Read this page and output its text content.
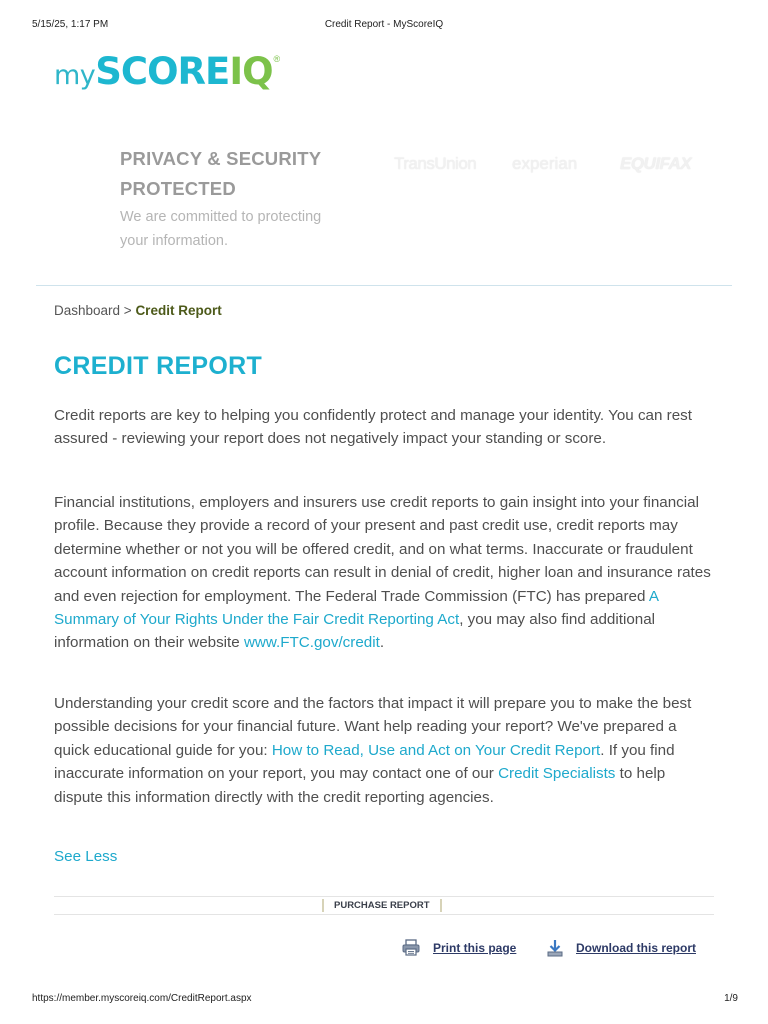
5/15/25, 1:17 PM	Credit Report - MyScoreIQ
my SCORE IQ ®
PRIVACY & SECURITY
PROTECTED
We are committed to protecting
your information.
TransUnion experian	EQUIFAX
Dashboard > Credit Report
CREDIT REPORT

Credit reports are key to helping you confidently protect and manage your identity. You can rest assured - reviewing your report does not negatively impact your standing or score.

Financial institutions, employers and insurers use credit reports to gain insight into your financial profile. Because they provide a record of your present and past credit use, credit reports may determine whether or not you will be offered credit, and on what terms. Inaccurate or fraudulent account information on credit reports can result in denial of credit, higher loan and insurance rates and even rejection for employment. The Federal Trade Commission (FTC) has prepared A Summary of Your Rights Under the Fair Credit Reporting Act, you may also find additional information on their website www.FTC.gov/credit.

Understanding your credit score and the factors that impact it will prepare you to make the best possible decisions for your financial future. Want help reading your report? We've prepared a quick educational guide for you: How to Read, Use and Act on Your Credit Report. If you find inaccurate information on your report, you may contact one of our Credit Specialists to help dispute this information directly with the credit reporting agencies.

See Less
PURCHASE REPORT
Print this page	Download this report
https://member.myscoreiq.com/CreditReport.aspx	1/9
